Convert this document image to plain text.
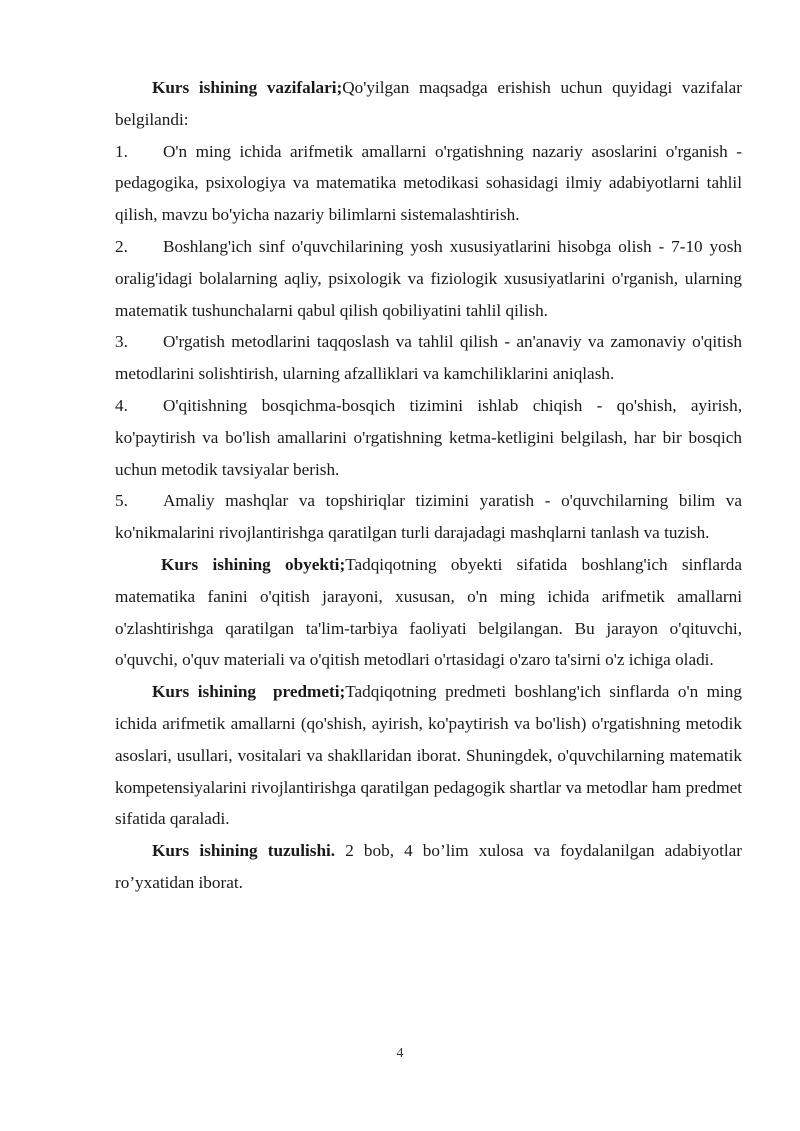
Kurs ishining vazifalari;Qo'yilgan maqsadga erishish uchun quyidagi vazifalar belgilandi:

1. O'n ming ichida arifmetik amallarni o'rgatishning nazariy asoslarini o'rganish - pedagogika, psixologiya va matematika metodikasi sohasidagi ilmiy adabiyotlarni tahlil qilish, mavzu bo'yicha nazariy bilimlarni sistemalashtirish.

2. Boshlang'ich sinf o'quvchilarining yosh xususiyatlarini hisobga olish - 7-10 yosh oralig'idagi bolalarning aqliy, psixologik va fiziologik xususiyatlarini o'rganish, ularning matematik tushunchalarni qabul qilish qobiliyatini tahlil qilish.

3. O'rgatish metodlarini taqqoslash va tahlil qilish - an'anaviy va zamonaviy o'qitish metodlarini solishtirish, ularning afzalliklari va kamchiliklarini aniqlash.

4. O'qitishning bosqichma-bosqich tizimini ishlab chiqish - qo'shish, ayirish, ko'paytirish va bo'lish amallarini o'rgatishning ketma-ketligini belgilash, har bir bosqich uchun metodik tavsiyalar berish.

5. Amaliy mashqlar va topshiriqlar tizimini yaratish - o'quvchilarning bilim va ko'nikmalarini rivojlantirishga qaratilgan turli darajadagi mashqlarni tanlash va tuzish.

Kurs ishining obyekti;Tadqiqotning obyekti sifatida boshlang'ich sinflarda matematika fanini o'qitish jarayoni, xususan, o'n ming ichida arifmetik amallarni o'zlashtirishga qaratilgan ta'lim-tarbiya faoliyati belgilangan. Bu jarayon o'qituvchi, o'quvchi, o'quv materiali va o'qitish metodlari o'rtasidagi o'zaro ta'sirni o'z ichiga oladi.

Kurs ishining  predmeti;Tadqiqotning predmeti boshlang'ich sinflarda o'n ming ichida arifmetik amallarni (qo'shish, ayirish, ko'paytirish va bo'lish) o'rgatishning metodik asoslari, usullari, vositalari va shakllaridan iborat. Shuningdek, o'quvchilarning matematik kompetensiyalarini rivojlantirishga qaratilgan pedagogik shartlar va metodlar ham predmet sifatida qaraladi.

Kurs ishining tuzulishi. 2 bob, 4 bo’lim xulosa va foydalanilgan adabiyotlar ro’yxatidan iborat.

4
